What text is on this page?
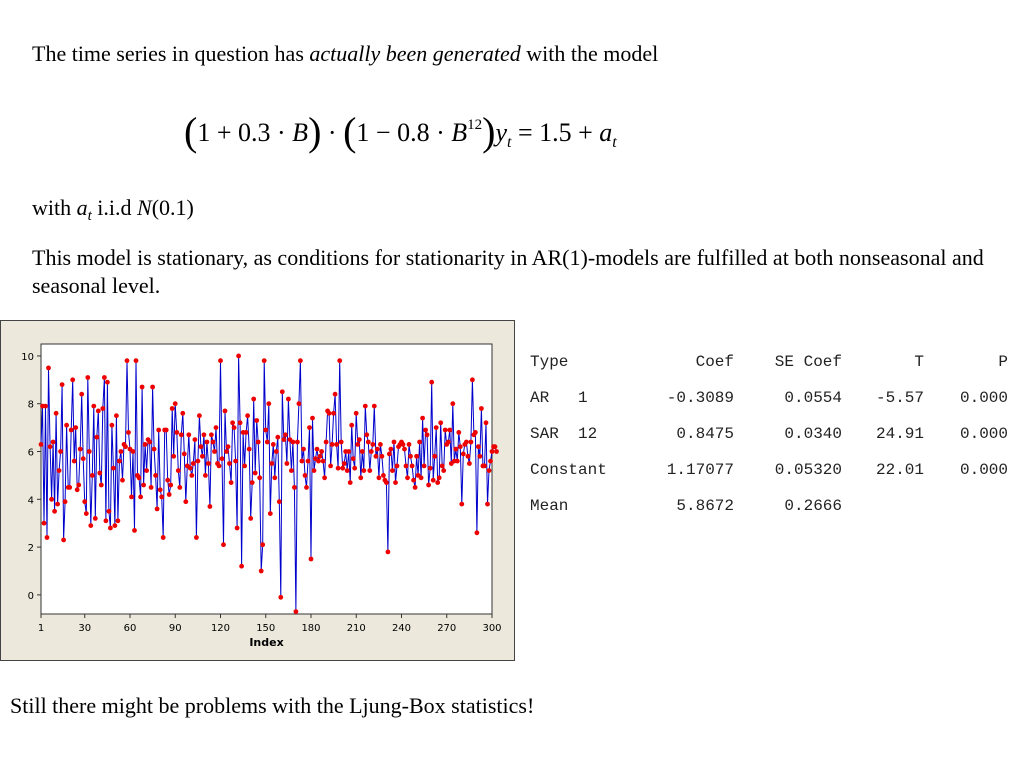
The time series in question has actually been generated with the model
$(1 + 0.3 \cdot B) \cdot (1 - 0.8 \cdot B^{12})y_t = 1.5 + a_t$
with $a_t$ i.i.d N(0.1)
This model is stationary, as conditions for stationarity in AR(1)-models are fulfilled at both nonseasonal and seasonal level.
0
2
4
6
8
10
1	30	60	90	120	150	180	210	240	270	300
Index
Type	Coef	SE Coef	T	P
AR   1	-0.3089	0.0554	-5.57	0.000
SAR  12	0.8475	0.0340	24.91	0.000
Constant	1.17077	0.05320	22.01	0.000
Mean	5.8672	0.2666		
Still there might be problems with the Ljung-Box statistics!
